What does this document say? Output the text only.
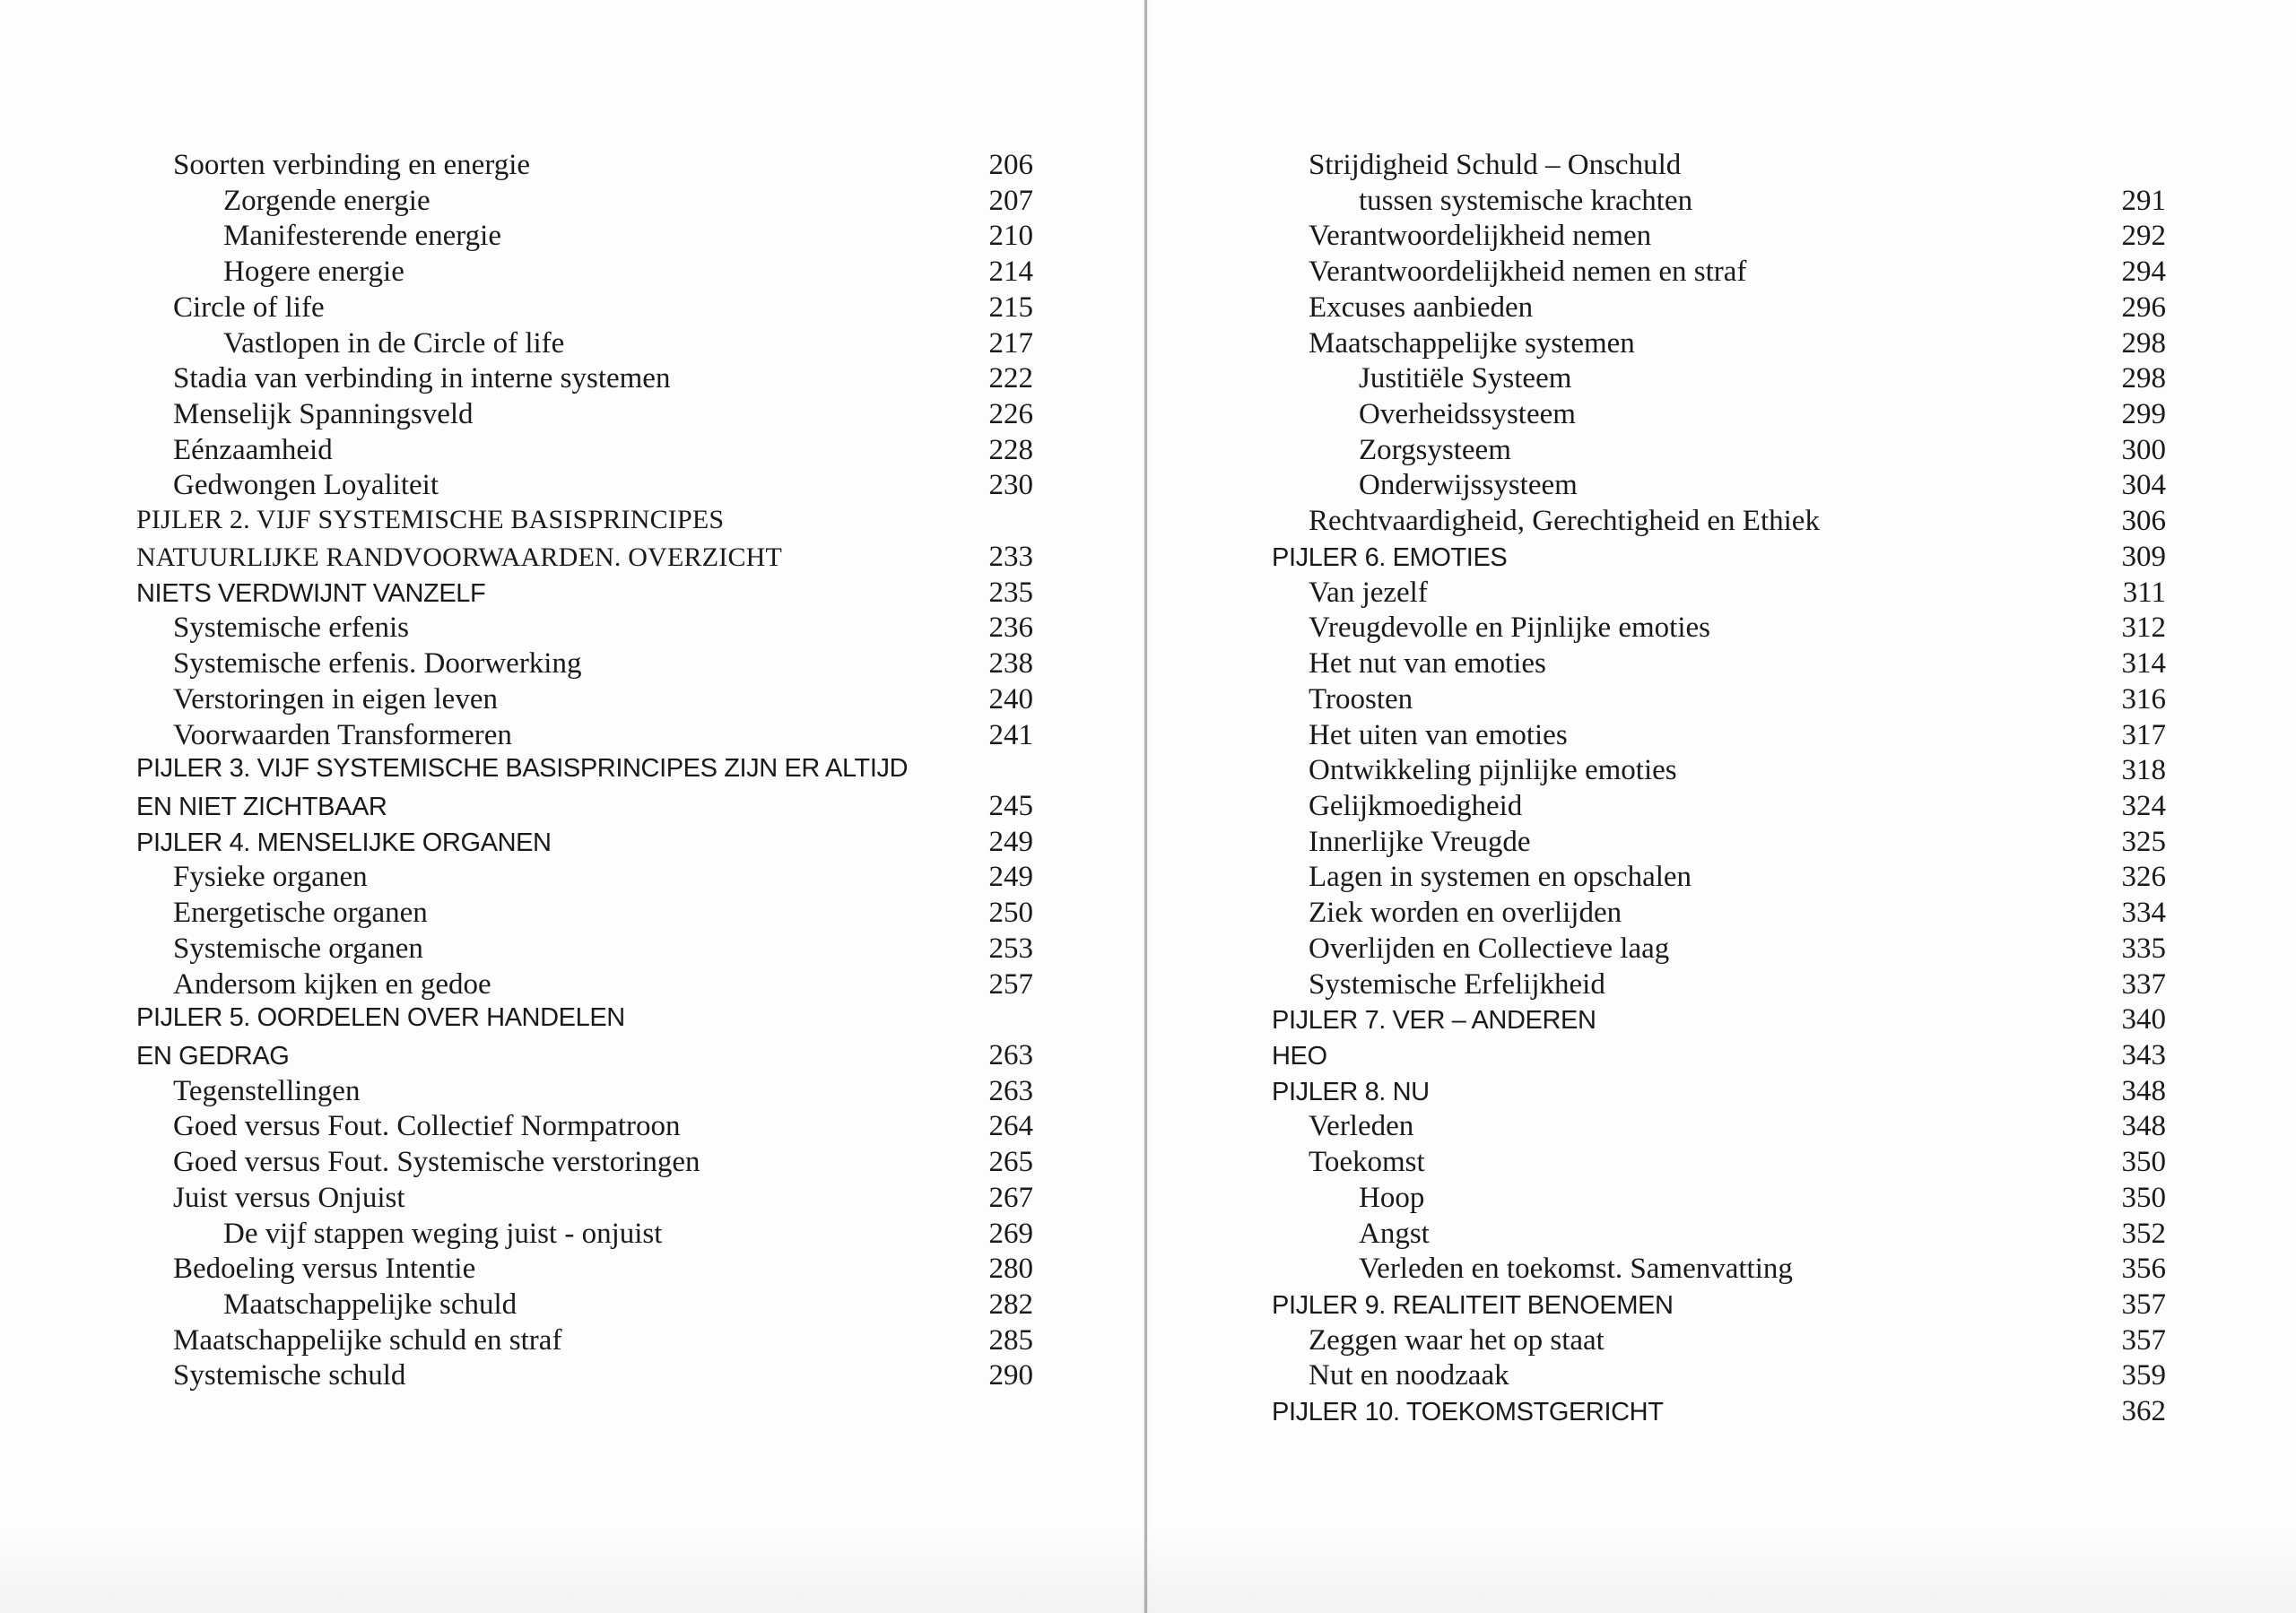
Soorten verbinding en energie	206
Zorgende energie	207
Manifesterende energie	210
Hogere energie	214
Circle of life	215
Vastlopen in de Circle of life	217
Stadia van verbinding in interne systemen	222
Menselijk Spanningsveld	226
Eénzaamheid	228
Gedwongen Loyaliteit	230
PIJLER 2. VIJF SYSTEMISCHE BASISPRINCIPES
NATUURLIJKE RANDVOORWAARDEN. OVERZICHT	233
NIETS VERDWIJNT VANZELF	235
Systemische erfenis	236
Systemische erfenis. Doorwerking	238
Verstoringen in eigen leven	240
Voorwaarden Transformeren	241
PIJLER 3. VIJF SYSTEMISCHE BASISPRINCIPES ZIJN ER ALTIJD
EN NIET ZICHTBAAR	245
PIJLER 4. MENSELIJKE ORGANEN	249
Fysieke organen	249
Energetische organen	250
Systemische organen	253
Andersom kijken en gedoe	257
PIJLER 5. OORDELEN OVER HANDELEN
EN GEDRAG	263
Tegenstellingen	263
Goed versus Fout. Collectief Normpatroon	264
Goed versus Fout. Systemische verstoringen	265
Juist versus Onjuist	267
De vijf stappen weging juist - onjuist	269
Bedoeling versus Intentie	280
Maatschappelijke schuld	282
Maatschappelijke schuld en straf	285
Systemische schuld	290
Strijdigheid Schuld – Onschuld
tussen systemische krachten	291
Verantwoordelijkheid nemen	292
Verantwoordelijkheid nemen en straf	294
Excuses aanbieden	296
Maatschappelijke systemen	298
Justitiële Systeem	298
Overheidssysteem	299
Zorgsysteem	300
Onderwijssysteem	304
Rechtvaardigheid, Gerechtigheid en Ethiek	306
PIJLER 6. EMOTIES	309
Van jezelf	311
Vreugdevolle en Pijnlijke emoties	312
Het nut van emoties	314
Troosten	316
Het uiten van emoties	317
Ontwikkeling pijnlijke emoties	318
Gelijkmoedigheid	324
Innerlijke Vreugde	325
Lagen in systemen en opschalen	326
Ziek worden en overlijden	334
Overlijden en Collectieve laag	335
Systemische Erfelijkheid	337
PIJLER 7. VER – ANDEREN	340
HEO	343
PIJLER 8. NU	348
Verleden	348
Toekomst	350
Hoop	350
Angst	352
Verleden en toekomst. Samenvatting	356
PIJLER 9. REALITEIT BENOEMEN	357
Zeggen waar het op staat	357
Nut en noodzaak	359
PIJLER 10. TOEKOMSTGERICHT	362
